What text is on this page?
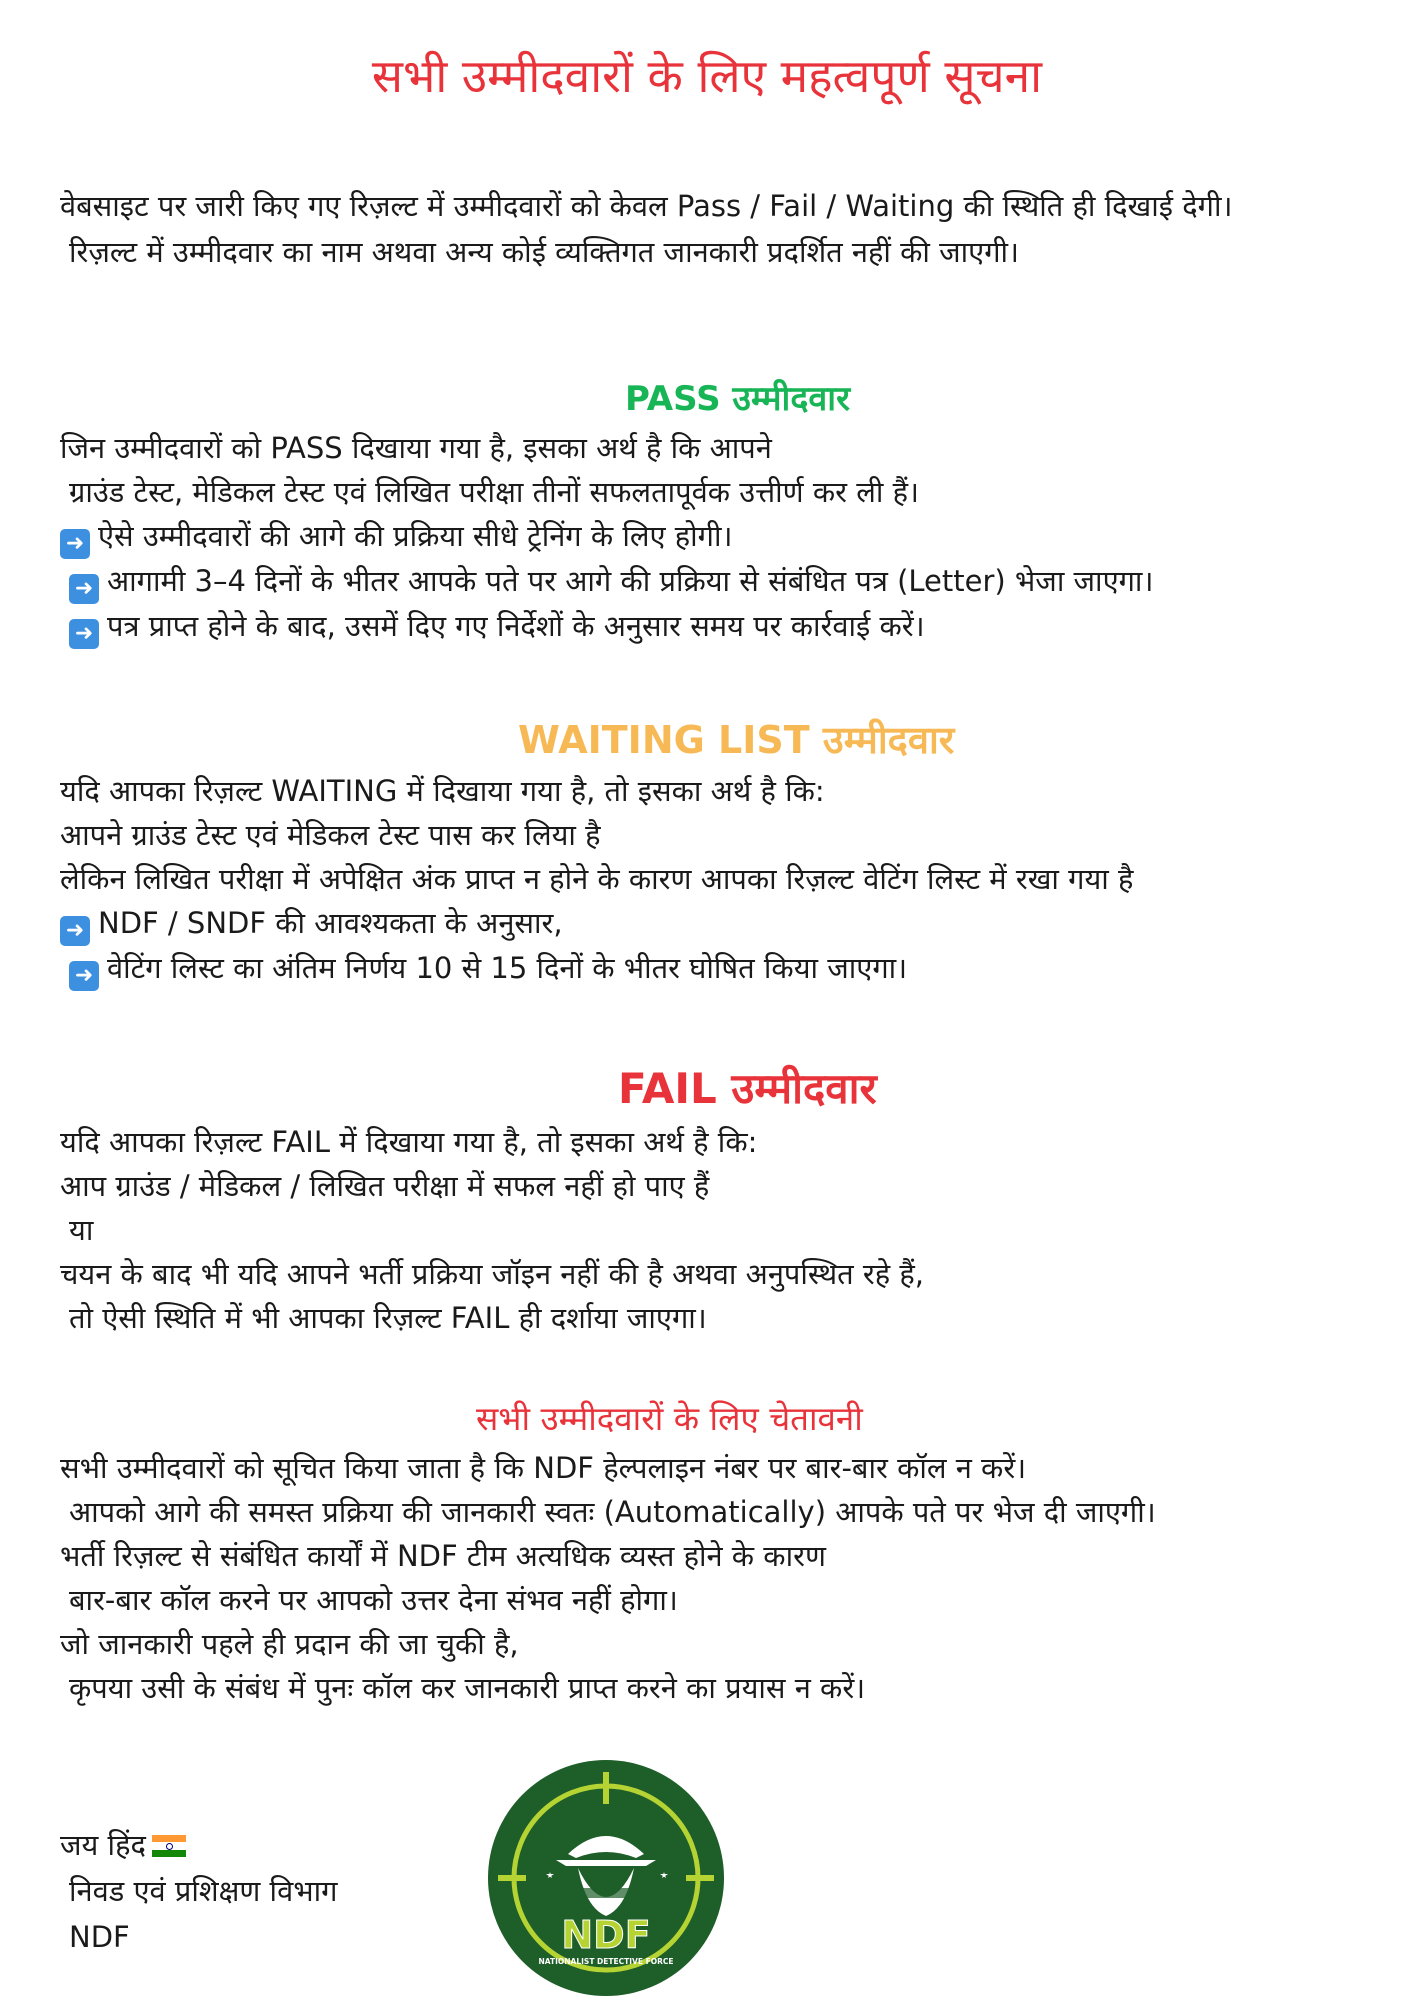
सभी उम्मीदवारों के लिए महत्वपूर्ण सूचना
वेबसाइट पर जारी किए गए रिज़ल्ट में उम्मीदवारों को केवल Pass / Fail / Waiting की स्थिति ही दिखाई देगी।
रिज़ल्ट में उम्मीदवार का नाम अथवा अन्य कोई व्यक्तिगत जानकारी प्रदर्शित नहीं की जाएगी।
PASS उम्मीदवार
जिन उम्मीदवारों को PASS दिखाया गया है, इसका अर्थ है कि आपने
ग्राउंड टेस्ट, मेडिकल टेस्ट एवं लिखित परीक्षा तीनों सफलतापूर्वक उत्तीर्ण कर ली हैं।
➜ ऐसे उम्मीदवारों की आगे की प्रक्रिया सीधे ट्रेनिंग के लिए होगी।
➜ आगामी 3–4 दिनों के भीतर आपके पते पर आगे की प्रक्रिया से संबंधित पत्र (Letter) भेजा जाएगा।
➜ पत्र प्राप्त होने के बाद, उसमें दिए गए निर्देशों के अनुसार समय पर कार्रवाई करें।
WAITING LIST उम्मीदवार
यदि आपका रिज़ल्ट WAITING में दिखाया गया है, तो इसका अर्थ है कि:
आपने ग्राउंड टेस्ट एवं मेडिकल टेस्ट पास कर लिया है
लेकिन लिखित परीक्षा में अपेक्षित अंक प्राप्त न होने के कारण आपका रिज़ल्ट वेटिंग लिस्ट में रखा गया है
➜ NDF / SNDF की आवश्यकता के अनुसार,
➜ वेटिंग लिस्ट का अंतिम निर्णय 10 से 15 दिनों के भीतर घोषित किया जाएगा।
FAIL उम्मीदवार
यदि आपका रिज़ल्ट FAIL में दिखाया गया है, तो इसका अर्थ है कि:
आप ग्राउंड / मेडिकल / लिखित परीक्षा में सफल नहीं हो पाए हैं
या
चयन के बाद भी यदि आपने भर्ती प्रक्रिया जॉइन नहीं की है अथवा अनुपस्थित रहे हैं,
तो ऐसी स्थिति में भी आपका रिज़ल्ट FAIL ही दर्शाया जाएगा।
सभी उम्मीदवारों के लिए चेतावनी
सभी उम्मीदवारों को सूचित किया जाता है कि NDF हेल्पलाइन नंबर पर बार-बार कॉल न करें।
आपको आगे की समस्त प्रक्रिया की जानकारी स्वतः (Automatically) आपके पते पर भेज दी जाएगी।
भर्ती रिज़ल्ट से संबंधित कार्यों में NDF टीम अत्यधिक व्यस्त होने के कारण
बार-बार कॉल करने पर आपको उत्तर देना संभव नहीं होगा।
जो जानकारी पहले ही प्रदान की जा चुकी है,
कृपया उसी के संबंध में पुनः कॉल कर जानकारी प्राप्त करने का प्रयास न करें।
जय हिंद
निवड एवं प्रशिक्षण विभाग
NDF	NDF
NATIONALIST DETECTIVE FORCE
